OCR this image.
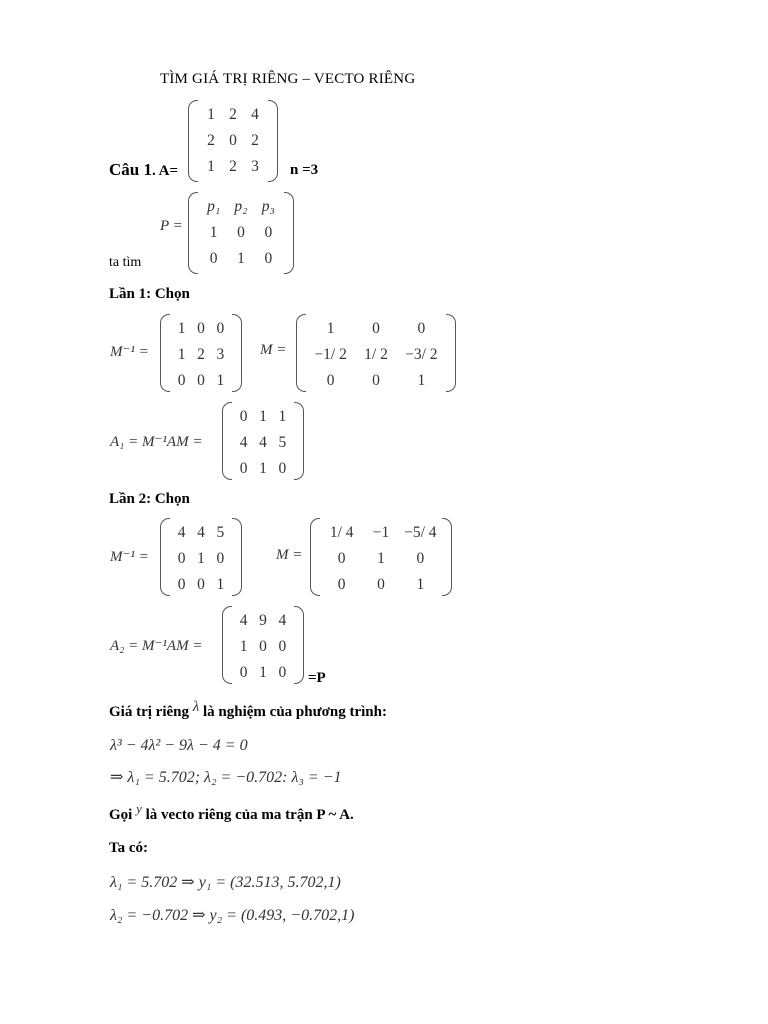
TÌM GIÁ TRỊ RIÊNG – VECTO RIÊNG
1 2 4
2 0 2
1 2 3
Câu 1. A=	n =3
P =
p₁ p₂ p₃
1	0	0
0	1	0
ta tìm
Lần 1: Chọn
M⁻¹ =
1 0 0
1 2 3
0 0 1
M =
1	0	0
−1/ 2	1/ 2	−3/ 2
0	0	1
A₁ = M⁻¹AM =
0 1 1
4 4 5
0 1 0
Lần 2: Chọn
M⁻¹ =
4 4 5
0 1 0
0 0 1
M =
1/ 4	−1 −5/ 4
0	1	0
0	0	1
A₂ = M⁻¹AM =
4 9 4
1 0 0
0 1 0	=P
Giá trị riêng λ là nghiệm của phương trình:
λ³ − 4λ² − 9λ − 4 = 0
⇒ λ₁ = 5.702; λ₂ = −0.702: λ₃ = −1
Gọi y là vecto riêng của ma trận P ~ A.
Ta có:
λ₁ = 5.702 ⇒ y₁ = (32.513, 5.702,1)
λ₂ = −0.702 ⇒ y₂ = (0.493, −0.702,1)
